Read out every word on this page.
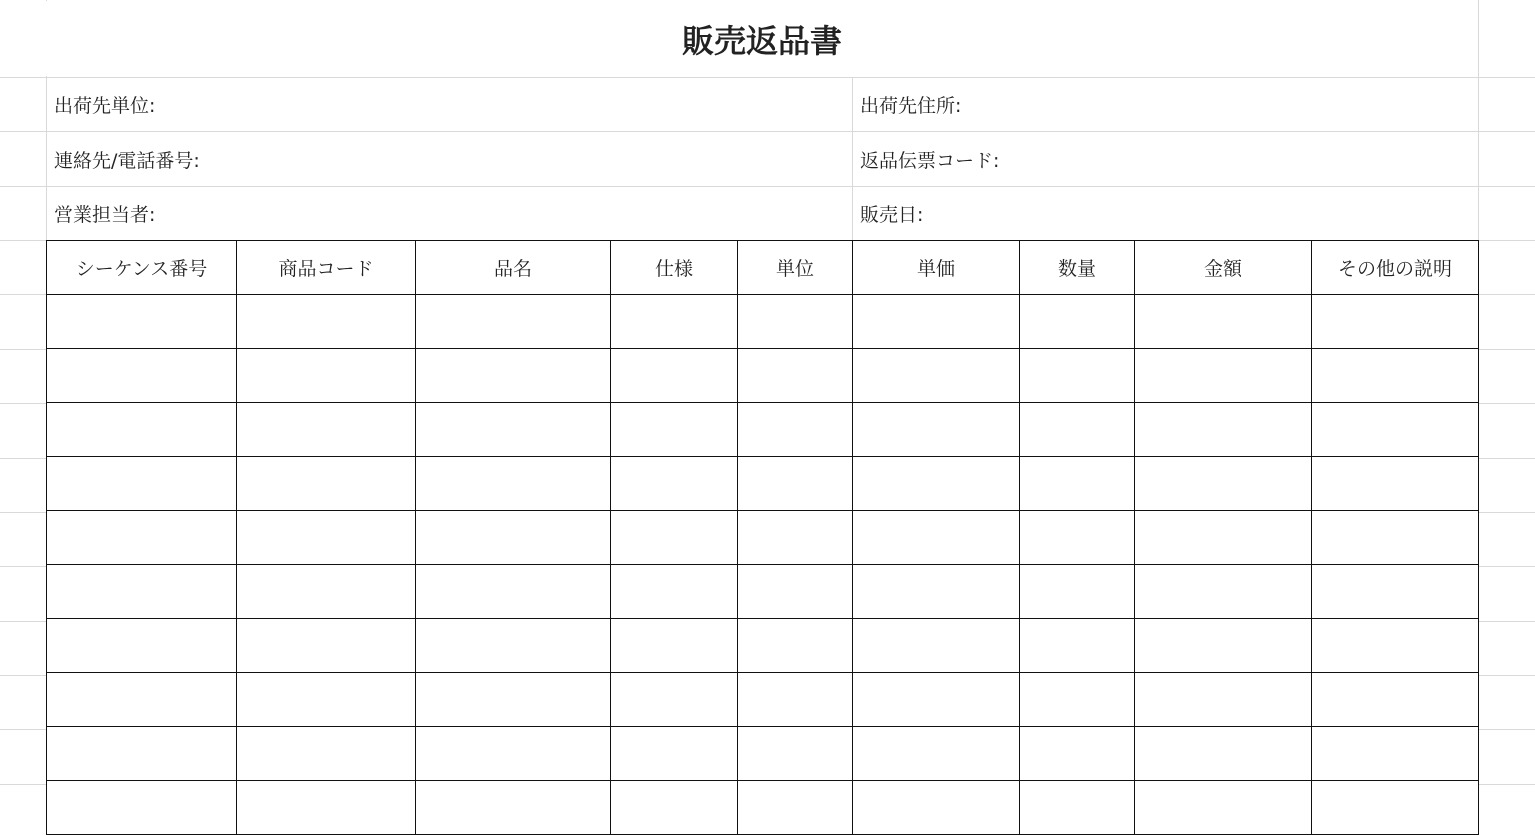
販売返品書
出荷先単位:	出荷先住所:
連絡先/電話番号:	返品伝票コード:
営業担当者:	販売日:
シーケンス番号	商品コード	品名	仕様	単位	単価	数量	金額	その他の説明
